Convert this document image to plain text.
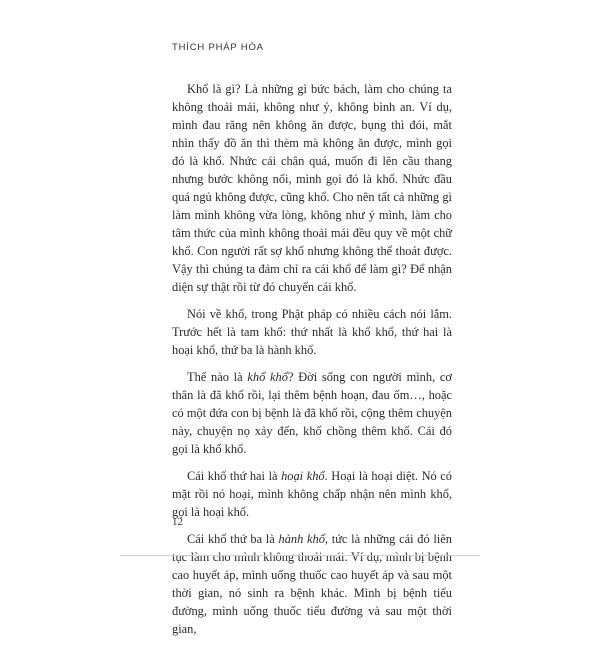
THÍCH PHÁP HÒA

Khổ là gì? Là những gì bức bách, làm cho chúng ta không thoải mái, không như ý, không bình an. Ví dụ, mình đau răng nên không ăn được, bụng thì đói, mắt nhìn thấy đồ ăn thì thèm mà không ăn được, mình gọi đó là khổ. Nhức cái chân quá, muốn đi lên cầu thang nhưng bước không nổi, mình gọi đó là khổ. Nhức đầu quá ngủ không được, cũng khổ. Cho nên tất cả những gì làm mình không vừa lòng, không như ý mình, làm cho tâm thức của mình không thoải mái đều quy về một chữ khổ. Con người rất sợ khổ nhưng không thể thoát được. Vậy thì chúng ta đảm chỉ ra cái khổ để làm gì? Để nhận diện sự thật rồi từ đó chuyển cái khổ.

Nói về khổ, trong Phật pháp có nhiều cách nói lắm. Trước hết là tam khổ: thứ nhất là khổ khổ, thứ hai là hoại khổ, thứ ba là hành khổ.

Thế nào là khổ khổ? Đời sống con người mình, cơ thân là đã khổ rồi, lại thêm bệnh hoạn, đau ốm…, hoặc có một đứa con bị bệnh là đã khổ rồi, cộng thêm chuyện này, chuyện nọ xảy đến, khổ chồng thêm khổ. Cái đó gọi là khổ khổ.

Cái khổ thứ hai là hoại khổ. Hoại là hoại diệt. Nó có mặt rồi nó hoại, mình không chấp nhận nên mình khổ, gọi là hoại khổ.

Cái khổ thứ ba là hành khổ, tức là những cái đó liên tục làm cho mình không thoải mái. Ví dụ, mình bị bệnh cao huyết áp, mình uống thuốc cao huyết áp và sau một thời gian, nó sinh ra bệnh khác. Mình bị bệnh tiểu đường, mình uống thuốc tiểu đường và sau một thời gian,

12
